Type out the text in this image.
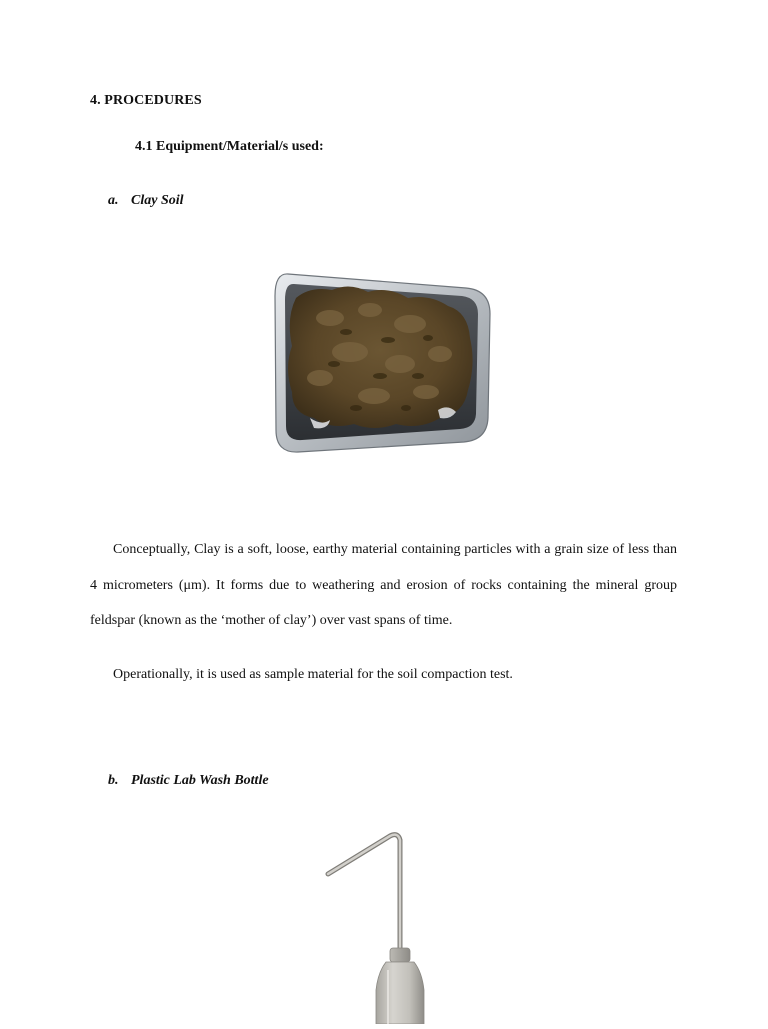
4. PROCEDURES
4.1 Equipment/Material/s used:
a. Clay Soil

Conceptually, Clay is a soft, loose, earthy material containing particles with a grain size of less than 4 micrometers (μm). It forms due to weathering and erosion of rocks containing the mineral group feldspar (known as the ‘mother of clay’) over vast spans of time.

Operationally, it is used as sample material for the soil compaction test.

b. Plastic Lab Wash Bottle
